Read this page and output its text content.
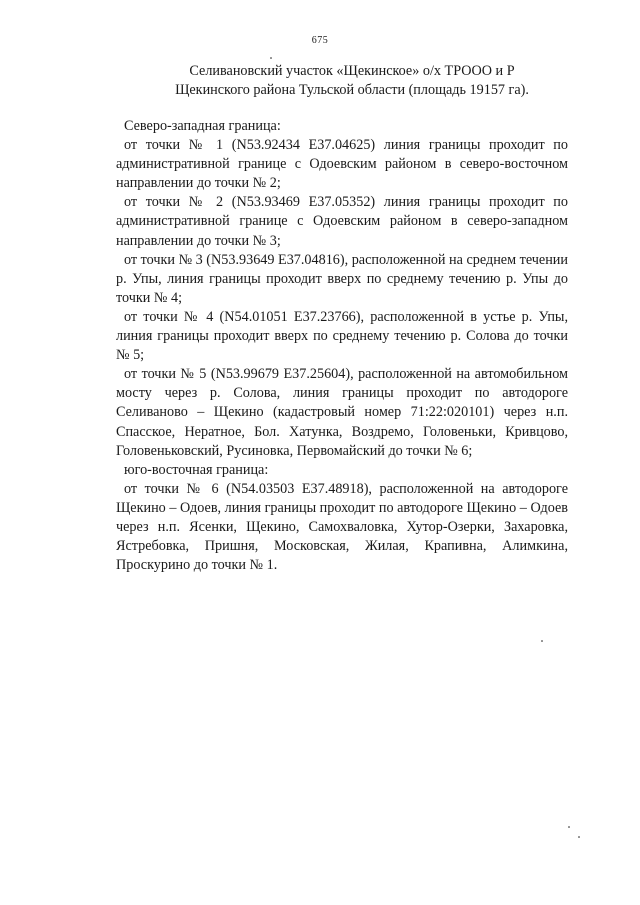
675
Селивановский участок «Щекинское» о/х ТРООО и Р
Щекинского района Тульской области (площадь 19157 га).

Северо-западная граница:

от точки № 1 (N53.92434 E37.04625) линия границы проходит по административной границе с Одоевским районом в северо-восточном направлении до точки № 2;

от точки № 2 (N53.93469 E37.05352) линия границы проходит по административной границе с Одоевским районом в северо-западном направлении до точки № 3;

от точки № 3 (N53.93649 E37.04816), расположенной на среднем течении р. Упы, линия границы проходит вверх по среднему течению р. Упы до точки № 4;

от точки № 4 (N54.01051 E37.23766), расположенной в устье р. Упы, линия границы проходит вверх по среднему течению р. Солова до точки № 5;

от точки № 5 (N53.99679 E37.25604), расположенной на автомобильном мосту через р. Солова, линия границы проходит по автодороге Селиваново – Щекино (кадастровый номер 71:22:020101) через н.п. Спасское, Нератное, Бол. Хатунка, Воздремо, Головеньки, Кривцово, Головеньковский, Русиновка, Первомайский до точки № 6;

юго-восточная граница:

от точки № 6 (N54.03503 E37.48918), расположенной на автодороге Щекино – Одоев, линия границы проходит по автодороге Щекино – Одоев через н.п. Ясенки, Щекино, Самохваловка, Хутор-Озерки, Захаровка, Ястребовка, Пришня, Московская, Жилая, Крапивна, Алимкина, Проскурино до точки № 1.
